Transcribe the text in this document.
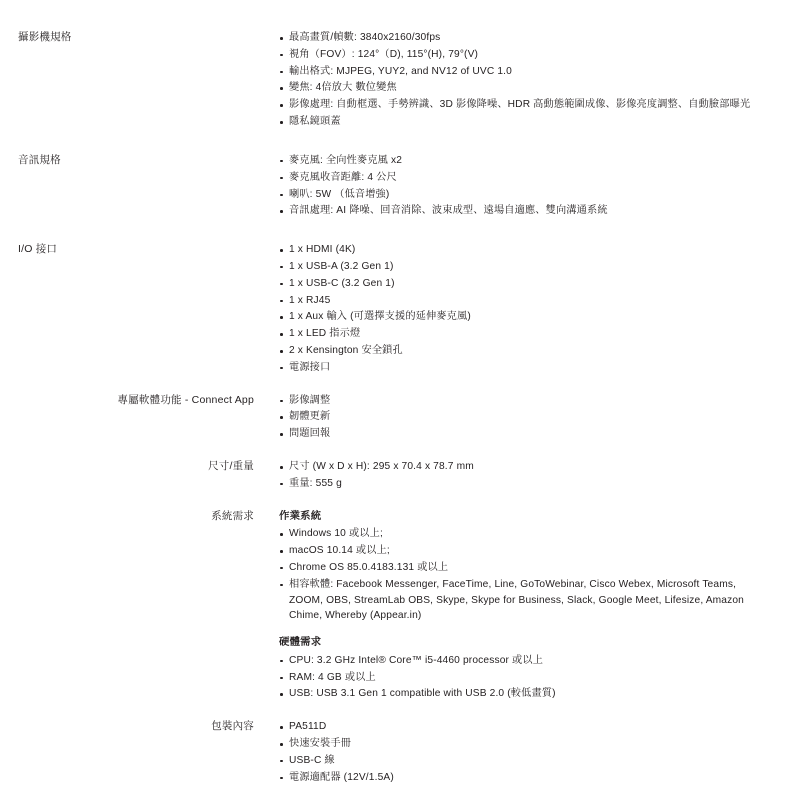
攝影機規格	最高畫質/幀數: 3840x2160/30fps
視角（FOV）: 124°（D), 115°(H), 79°(V)
輸出格式: MJPEG, YUY2, and NV12 of UVC 1.0
變焦: 4倍放大 數位變焦
影像處理: 自動框選、手勢辨識、3D 影像降噪、HDR 高動態範圍成像、影像亮度調整、自動臉部曝光
隱私鏡頭蓋
音訊規格	麥克風: 全向性麥克風 x2
麥克風收音距離: 4 公尺
喇叭: 5W （低音增強)
音訊處理: AI 降噪、回音消除、波束成型、遠場自適應、雙向溝通系統
I/O 接口	1 x HDMI (4K)
1 x USB-A (3.2 Gen 1)
1 x USB-C (3.2 Gen 1)
1 x RJ45
1 x Aux 輸入 (可選擇支援的延伸麥克風)
1 x LED 指示燈
2 x Kensington 安全鎖孔
電源接口
專屬軟體功能 - Connect App	影像調整
韌體更新
問題回報
尺寸/重量	尺寸 (W x D x H): 295 x 70.4 x 78.7 mm
重量: 555 g
系統需求	作業系統
Windows 10 或以上;
macOS 10.14 或以上;
Chrome OS 85.0.4183.131 或以上
相容軟體: Facebook Messenger, FaceTime, Line, GoToWebinar, Cisco Webex, Microsoft Teams, ZOOM, OBS, StreamLab OBS, Skype, Skype for Business, Slack, Google Meet, Lifesize, Amazon Chime, Whereby (Appear.in)
硬體需求
CPU: 3.2 GHz Intel® Core™ i5-4460 processor 或以上
RAM: 4 GB 或以上
USB: USB 3.1 Gen 1 compatible with USB 2.0 (較低畫質)
包裝內容	PA511D
快速安裝手冊
USB-C 線
電源適配器 (12V/1.5A)
